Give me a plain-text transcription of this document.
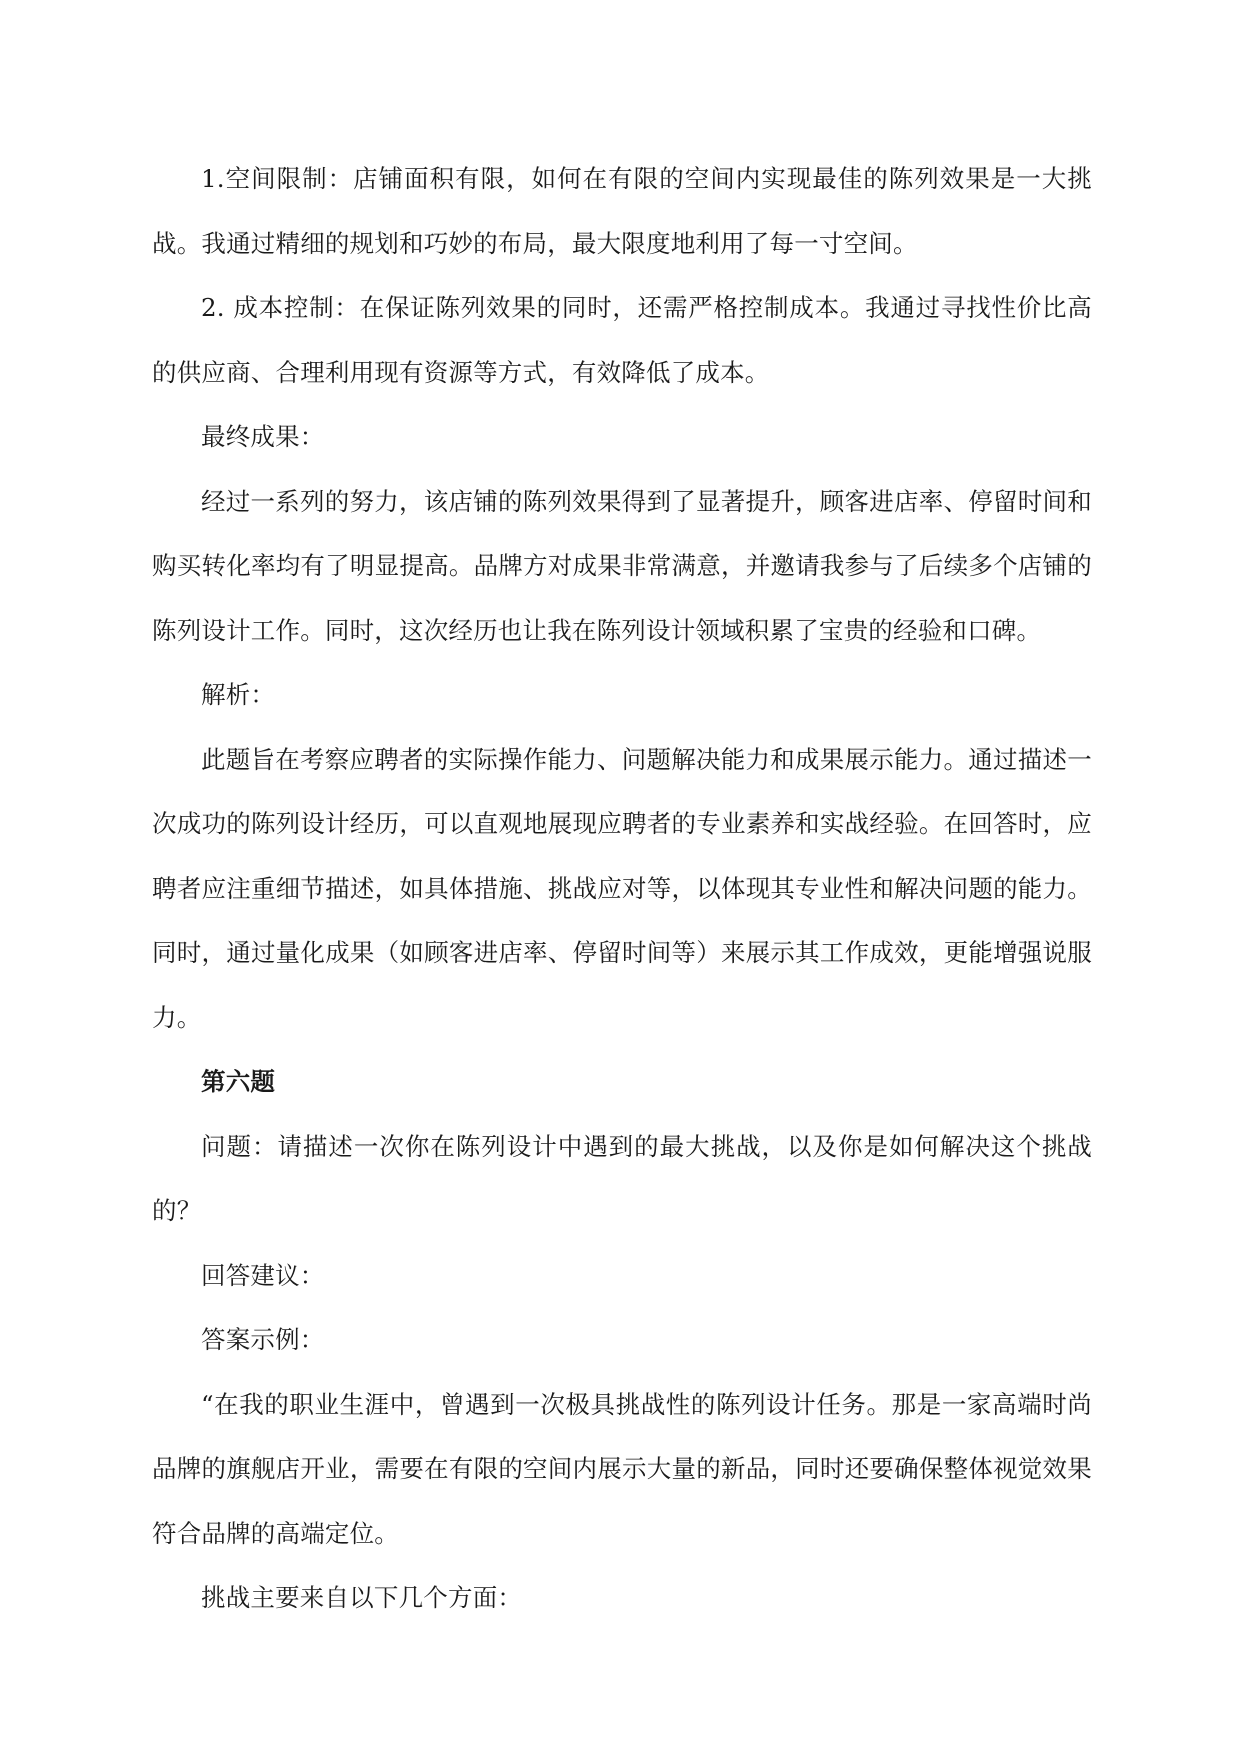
1.空间限制：店铺面积有限，如何在有限的空间内实现最佳的陈列效果是一大挑战。我通过精细的规划和巧妙的布局，最大限度地利用了每一寸空间。

2. 成本控制：在保证陈列效果的同时，还需严格控制成本。我通过寻找性价比高的供应商、合理利用现有资源等方式，有效降低了成本。

最终成果：

经过一系列的努力，该店铺的陈列效果得到了显著提升，顾客进店率、停留时间和购买转化率均有了明显提高。品牌方对成果非常满意，并邀请我参与了后续多个店铺的陈列设计工作。同时，这次经历也让我在陈列设计领域积累了宝贵的经验和口碑。

解析：

此题旨在考察应聘者的实际操作能力、问题解决能力和成果展示能力。通过描述一次成功的陈列设计经历，可以直观地展现应聘者的专业素养和实战经验。在回答时，应聘者应注重细节描述，如具体措施、挑战应对等，以体现其专业性和解决问题的能力。同时，通过量化成果（如顾客进店率、停留时间等）来展示其工作成效，更能增强说服力。

第六题

问题：请描述一次你在陈列设计中遇到的最大挑战，以及你是如何解决这个挑战的？

回答建议：

答案示例：

“在我的职业生涯中，曾遇到一次极具挑战性的陈列设计任务。那是一家高端时尚品牌的旗舰店开业，需要在有限的空间内展示大量的新品，同时还要确保整体视觉效果符合品牌的高端定位。

挑战主要来自以下几个方面：
